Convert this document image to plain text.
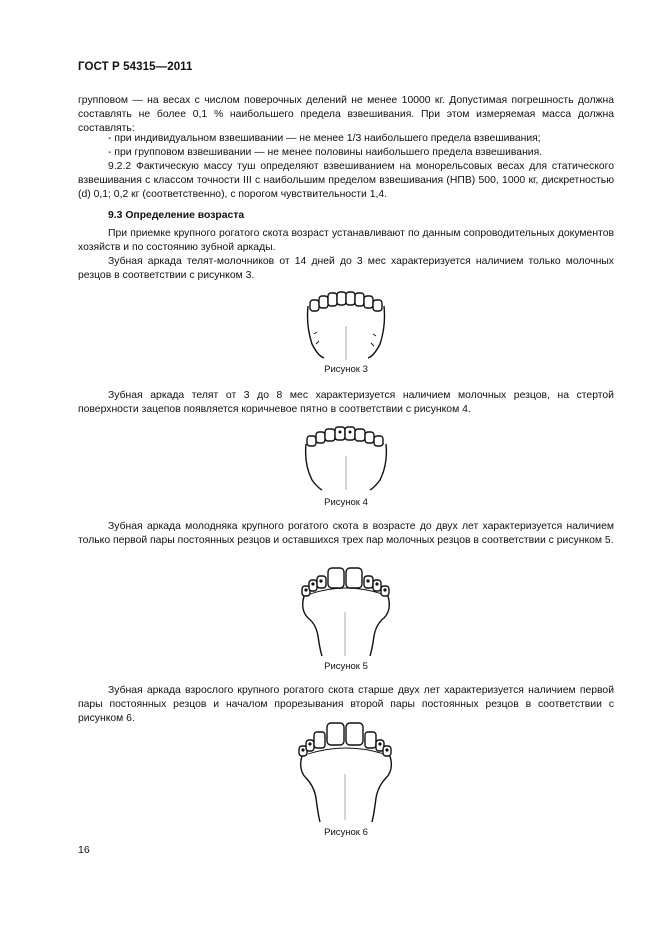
ГОСТ Р 54315—2011
групповом — на весах с числом поверочных делений не менее 10000 кг. Допустимая погрешность должна составлять не более 0,1 % наибольшего предела взвешивания. При этом измеряемая масса должна составлять:
- при индивидуальном взвешивании — не менее 1/3 наибольшего предела взвешивания;
- при групповом взвешивании — не менее половины наибольшего предела взвешивания.
9.2.2 Фактическую массу туш определяют взвешиванием на монорельсовых весах для статического взвешивания с классом точности III с наибольшим пределом взвешивания (НПВ) 500, 1000 кг, дискретностью (d) 0,1; 0,2 кг (соответственно), с порогом чувствительности 1,4.
9.3 Определение возраста
При приемке крупного рогатого скота возраст устанавливают по данным сопроводительных документов хозяйств и по состоянию зубной аркады.
Зубная аркада телят-молочников от 14 дней до 3 мес характеризуется наличием только молочных резцов в соответствии с рисунком 3.
Рисунок 3
Зубная аркада телят от 3 до 8 мес характеризуется наличием молочных резцов, на стертой поверхности зацепов появляется коричневое пятно в соответствии с рисунком 4.
Рисунок 4
Зубная аркада молодняка крупного рогатого скота в возрасте до двух лет характеризуется наличием только первой пары постоянных резцов и оставшихся трех пар молочных резцов в соответствии с рисунком 5.
Рисунок 5
Зубная аркада взрослого крупного рогатого скота старше двух лет характеризуется наличием первой пары постоянных резцов и началом прорезывания второй пары постоянных резцов в соответствии с рисунком 6.
Рисунок 6
16
